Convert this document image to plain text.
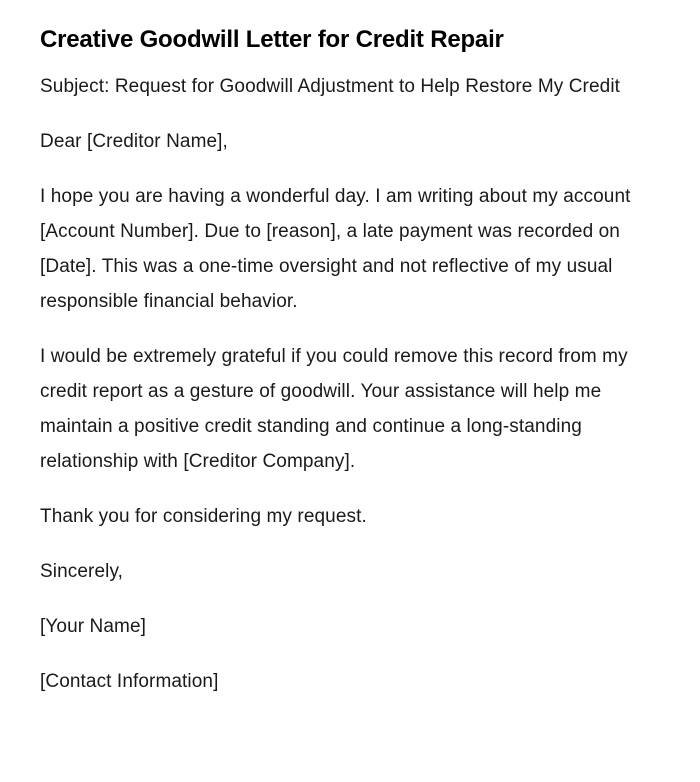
Creative Goodwill Letter for Credit Repair

Subject: Request for Goodwill Adjustment to Help Restore My Credit

Dear [Creditor Name],

I hope you are having a wonderful day. I am writing about my account [Account Number]. Due to [reason], a late payment was recorded on [Date]. This was a one-time oversight and not reflective of my usual responsible financial behavior.

I would be extremely grateful if you could remove this record from my credit report as a gesture of goodwill. Your assistance will help me maintain a positive credit standing and continue a long-standing relationship with [Creditor Company].

Thank you for considering my request.

Sincerely,

[Your Name]

[Contact Information]
